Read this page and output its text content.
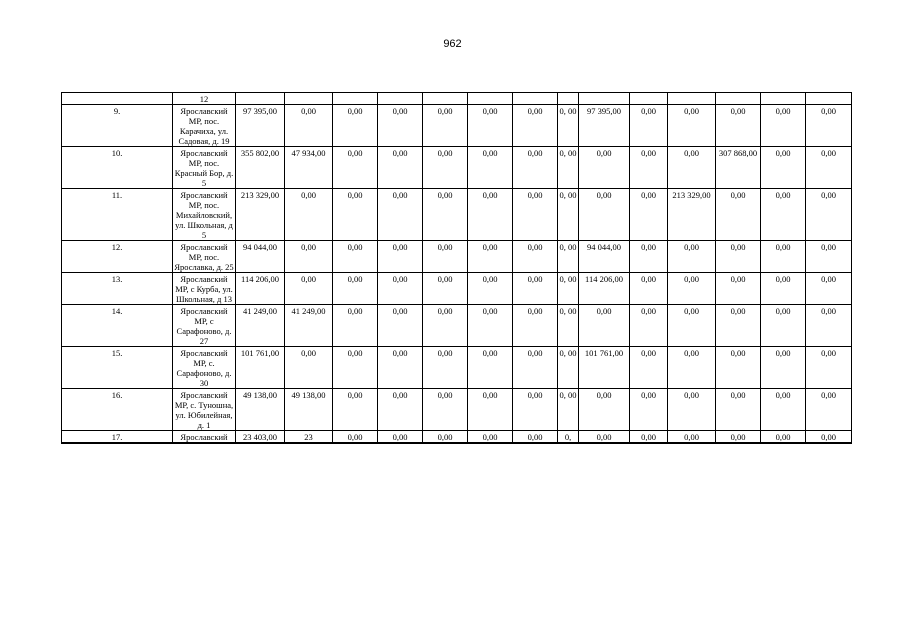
962
	12														
9.	Ярославский МР, пос. Карачиха, ул. Садовая, д. 19	97 395,00	0,00	0,00	0,00	0,00	0,00	0,00	0, 00	97 395,00	0,00	0,00	0,00	0,00	0,00
10.	Ярославский МР, пос. Красный Бор, д. 5	355 802,00	47 934,00	0,00	0,00	0,00	0,00	0,00	0, 00	0,00	0,00	0,00	307 868,00	0,00	0,00
11.	Ярославский МР, пос. Михайловский, ул. Школьная, д 5	213 329,00	0,00	0,00	0,00	0,00	0,00	0,00	0, 00	0,00	0,00	213 329,00	0,00	0,00	0,00
12.	Ярославский МР, пос. Ярославка, д. 25	94 044,00	0,00	0,00	0,00	0,00	0,00	0,00	0, 00	94 044,00	0,00	0,00	0,00	0,00	0,00
13.	Ярославский МР, с Курба, ул. Школьная, д 13	114 206,00	0,00	0,00	0,00	0,00	0,00	0,00	0, 00	114 206,00	0,00	0,00	0,00	0,00	0,00
14.	Ярославский МР, с Сарафоново, д. 27	41 249,00	41 249,00	0,00	0,00	0,00	0,00	0,00	0, 00	0,00	0,00	0,00	0,00	0,00	0,00
15.	Ярославский МР, с. Сарафоново, д. 30	101 761,00	0,00	0,00	0,00	0,00	0,00	0,00	0, 00	101 761,00	0,00	0,00	0,00	0,00	0,00
16.	Ярославский МР, с. Туношна, ул. Юбилейная, д. 1	49 138,00	49 138,00	0,00	0,00	0,00	0,00	0,00	0, 00	0,00	0,00	0,00	0,00	0,00	0,00
17.	Ярославский	23 403,00	23	0,00	0,00	0,00	0,00	0,00	0,	0,00	0,00	0,00	0,00	0,00	0,00
